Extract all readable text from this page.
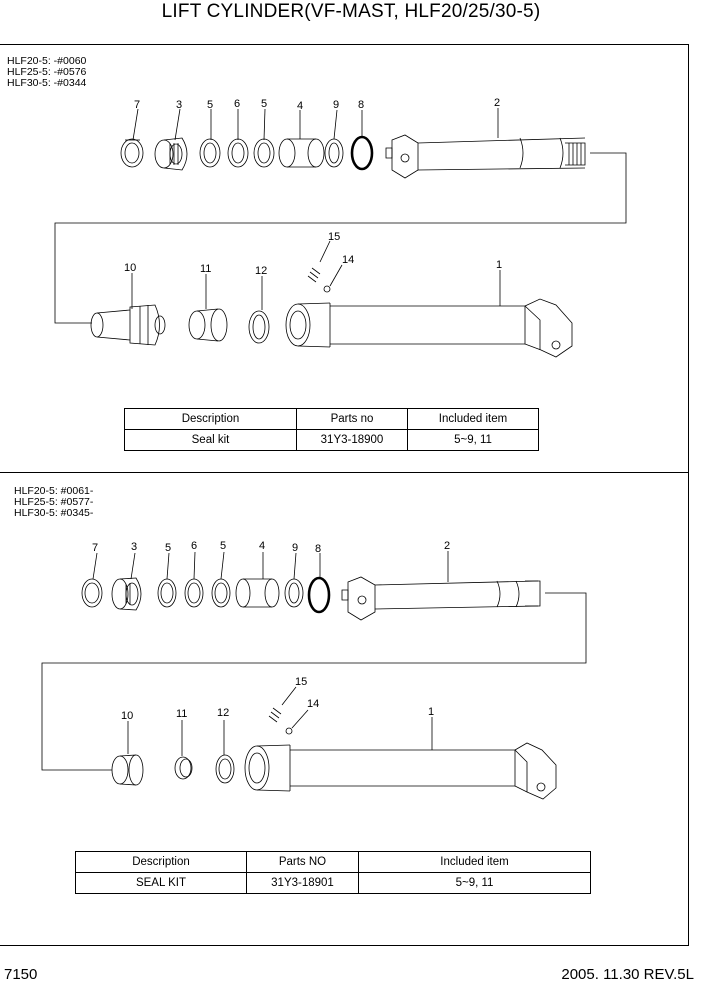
LIFT CYLINDER(VF-MAST, HLF20/25/30-5)
HLF20-5: -#0060
HLF25-5: -#0576
HLF30-5: -#0344
HLF20-5: #0061-
HLF25-5: #0577-
HLF30-5: #0345-
7	3 5 6 5	4	9 8	2
10	11	12
15
14	1
7	3	5 6 5	4 9 8	2
10	11	12
15
14
1
Description	Parts no	Included item
Seal kit	31Y3-18900	5~9, 11
Description	Parts NO	Included item
SEAL KIT	31Y3-18901	5~9, 11
7150	2005. 11.30 REV.5L
